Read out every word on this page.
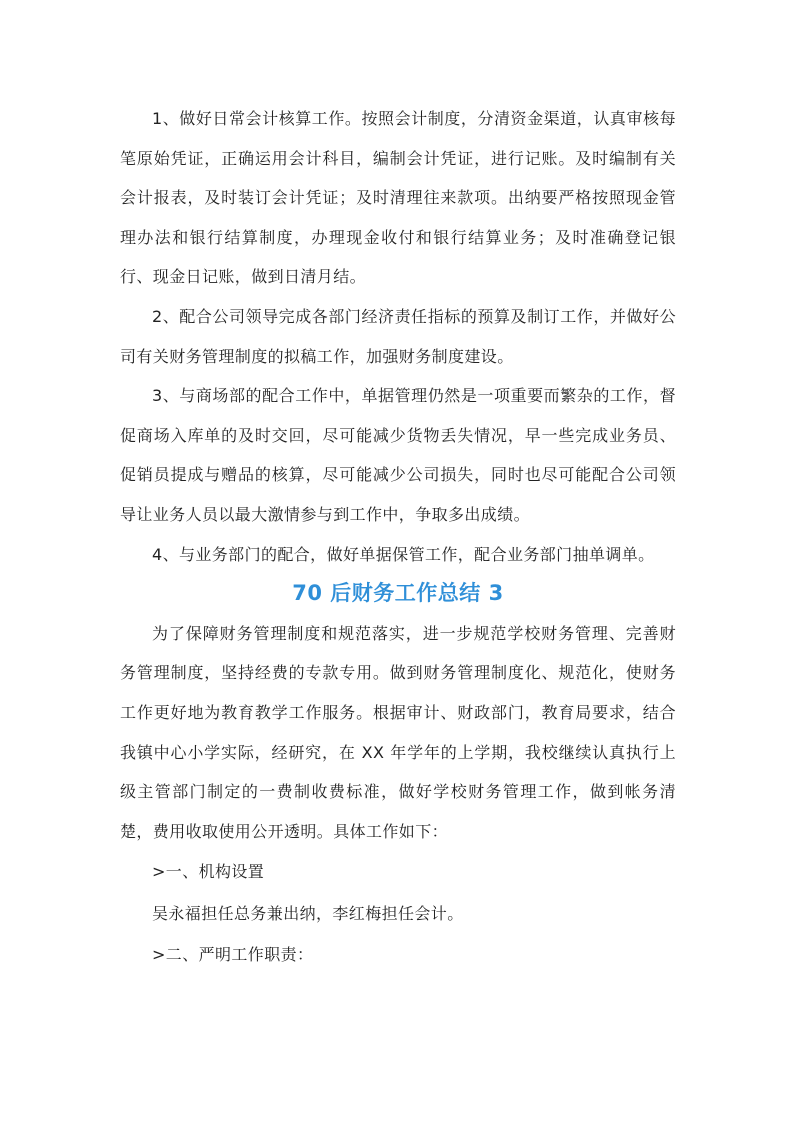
1、做好日常会计核算工作。按照会计制度，分清资金渠道，认真审核每笔原始凭证，正确运用会计科目，编制会计凭证，进行记账。及时编制有关会计报表，及时装订会计凭证；及时清理往来款项。出纳要严格按照现金管理办法和银行结算制度，办理现金收付和银行结算业务；及时准确登记银行、现金日记账，做到日清月结。

2、配合公司领导完成各部门经济责任指标的预算及制订工作，并做好公司有关财务管理制度的拟稿工作，加强财务制度建设。

3、与商场部的配合工作中，单据管理仍然是一项重要而繁杂的工作，督促商场入库单的及时交回，尽可能减少货物丢失情况，早一些完成业务员、促销员提成与赠品的核算，尽可能减少公司损失，同时也尽可能配合公司领导让业务人员以最大激情参与到工作中，争取多出成绩。

4、与业务部门的配合，做好单据保管工作，配合业务部门抽单调单。

70 后财务工作总结 3

为了保障财务管理制度和规范落实，进一步规范学校财务管理、完善财务管理制度，坚持经费的专款专用。做到财务管理制度化、规范化，使财务工作更好地为教育教学工作服务。根据审计、财政部门，教育局要求，结合我镇中心小学实际，经研究，在 XX 年学年的上学期，我校继续认真执行上级主管部门制定的一费制收费标准，做好学校财务管理工作，做到帐务清楚，费用收取使用公开透明。具体工作如下：

>一、机构设置

吴永福担任总务兼出纳，李红梅担任会计。

>二、严明工作职责：
